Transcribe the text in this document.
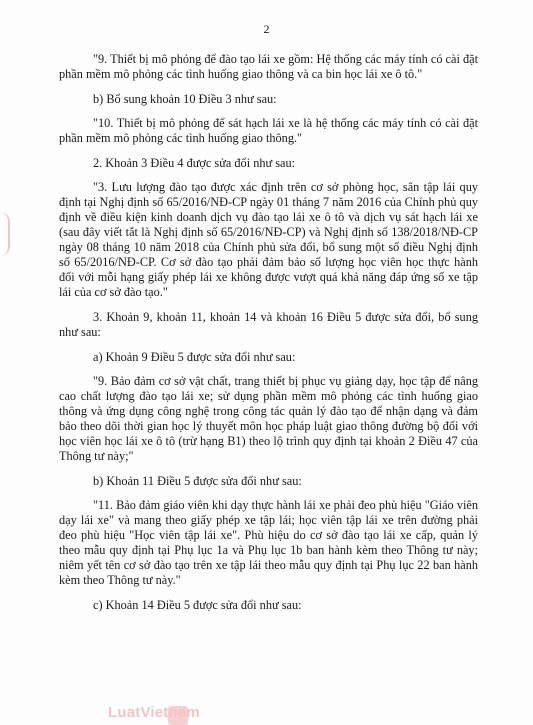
2

"9. Thiết bị mô phỏng để đào tạo lái xe gồm: Hệ thống các máy tính có cài đặt phần mềm mô phỏng các tình huống giao thông và ca bin học lái xe ô tô."

b) Bổ sung khoản 10 Điều 3 như sau:

"10. Thiết bị mô phỏng để sát hạch lái xe là hệ thống các máy tính có cài đặt phần mềm mô phỏng các tình huống giao thông."

2. Khoản 3 Điều 4 được sửa đổi như sau:

"3. Lưu lượng đào tạo được xác định trên cơ sở phòng học, sân tập lái quy định tại Nghị định số 65/2016/NĐ-CP ngày 01 tháng 7 năm 2016 của Chính phủ quy định về điều kiện kinh doanh dịch vụ đào tạo lái xe ô tô và dịch vụ sát hạch lái xe (sau đây viết tắt là Nghị định số 65/2016/NĐ-CP) và Nghị định số 138/2018/NĐ-CP ngày 08 tháng 10 năm 2018 của Chính phủ sửa đổi, bổ sung một số điều Nghị định số 65/2016/NĐ-CP. Cơ sở đào tạo phải đảm bảo số lượng học viên học thực hành đối với mỗi hạng giấy phép lái xe không được vượt quá khả năng đáp ứng số xe tập lái của cơ sở đào tạo."

3. Khoản 9, khoản 11, khoản 14 và khoản 16 Điều 5 được sửa đổi, bổ sung như sau:

a) Khoản 9 Điều 5 được sửa đổi như sau:

"9. Bảo đảm cơ sở vật chất, trang thiết bị phục vụ giảng dạy, học tập để nâng cao chất lượng đào tạo lái xe; sử dụng phần mềm mô phỏng các tình huống giao thông và ứng dụng công nghệ trong công tác quản lý đào tạo để nhận dạng và đảm bảo theo dõi thời gian học lý thuyết môn học pháp luật giao thông đường bộ đối với học viên học lái xe ô tô (trừ hạng B1) theo lộ trình quy định tại khoản 2 Điều 47 của Thông tư này;"

b) Khoản 11 Điều 5 được sửa đổi như sau:

"11. Bảo đảm giáo viên khi dạy thực hành lái xe phải đeo phù hiệu "Giáo viên dạy lái xe" và mang theo giấy phép xe tập lái; học viên tập lái xe trên đường phải đeo phù hiệu "Học viên tập lái xe". Phù hiệu do cơ sở đào tạo lái xe cấp, quản lý theo mẫu quy định tại Phụ lục 1a và Phụ lục 1b ban hành kèm theo Thông tư này; niêm yết tên cơ sở đào tạo trên xe tập lái theo mẫu quy định tại Phụ lục 22 ban hành kèm theo Thông tư này."

c) Khoản 14 Điều 5 được sửa đổi như sau:

LuatVietnam
